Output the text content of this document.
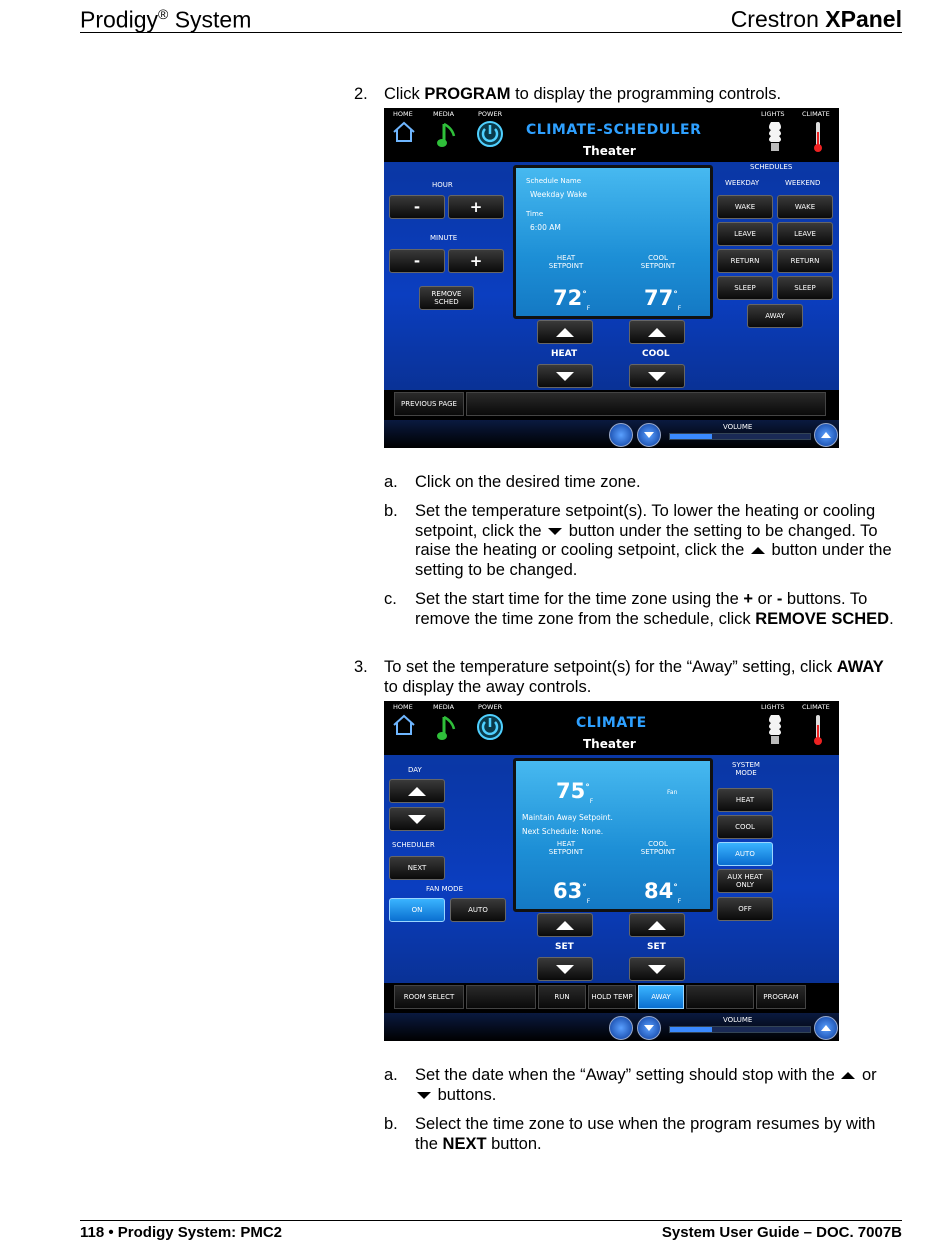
Prodigy® System	Crestron XPanel
2. Click PROGRAM to display the programming controls.
HOME	MEDIA	POWER	LIGHTS	CLIMATE
CLIMATE-SCHEDULER
Theater
HOUR
-	+
MINUTE
-	+
REMOVE SCHED
Schedule Name
Weekday Wake
Time
6:00 AM
HEAT SETPOINT
COOL SETPOINT
$72^\circ_F$	$77^\circ_F$
HEAT	COOL
SCHEDULES
WEEKDAY	WEEKEND
WAKE	WAKE
LEAVE	LEAVE
RETURN	RETURN
SLEEP	SLEEP
AWAY
PREVIOUS PAGE
VOLUME
a. Click on the desired time zone.
b. Set the temperature setpoint(s). To lower the heating or cooling setpoint, click the  button under the setting to be changed. To raise the heating or cooling setpoint, click the  button under the setting to be changed.
c. Set the start time for the time zone using the + or - buttons. To remove the time zone from the schedule, click REMOVE SCHED.
3. To set the temperature setpoint(s) for the “Away” setting, click AWAY to display the away controls.
HOME	MEDIA	POWER	LIGHTS	CLIMATE
CLIMATE
Theater
DAY
SCHEDULER
NEXT
FAN MODE
ON	AUTO
$75^\circ_F$
Fan
Maintain Away Setpoint.
Next Schedule: None.
HEAT SETPOINT
COOL SETPOINT
$63^\circ_F$	$84^\circ_F$
SET	SET
SYSTEM MODE
HEAT
COOL
AUTO
AUX HEAT ONLY
OFF
ROOM SELECT	RUN	HOLD TEMP	AWAY	PROGRAM
VOLUME
a. Set the date when the “Away” setting should stop with the  or
buttons.
b. Select the time zone to use when the program resumes by with the NEXT button.
118 • Prodigy System: PMC2	System User Guide – DOC. 7007B
